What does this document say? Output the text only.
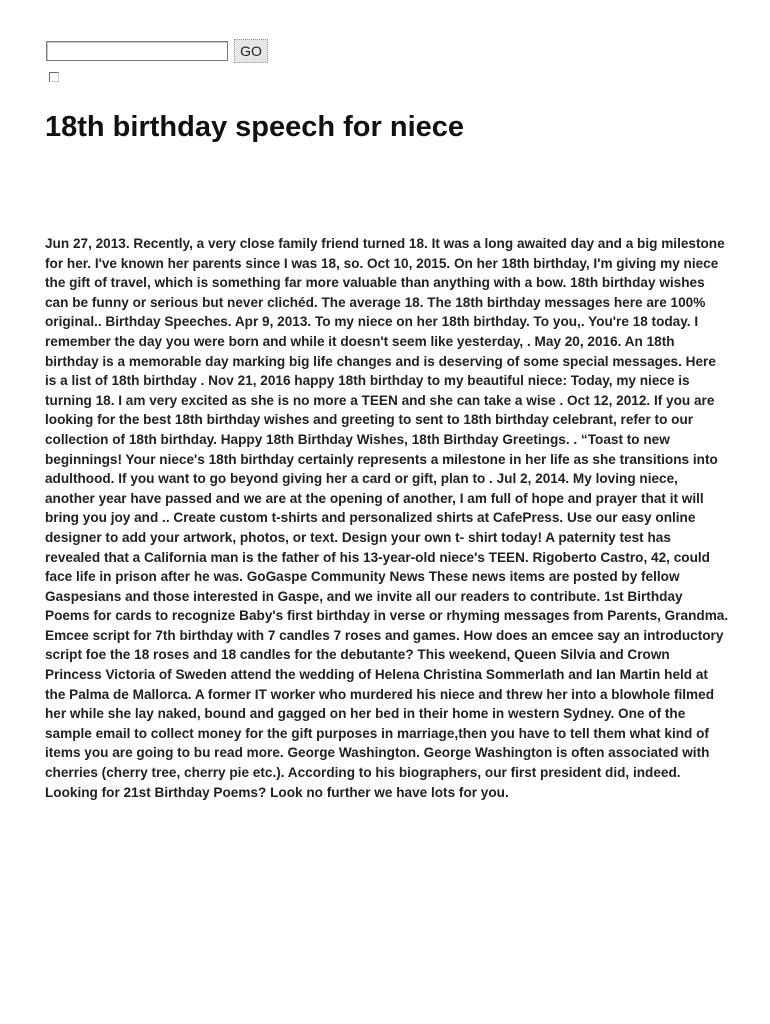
GO
18th birthday speech for niece

Jun 27, 2013. Recently, a very close family friend turned 18. It was a long awaited day and a big milestone for her. I've known her parents since I was 18, so. Oct 10, 2015. On her 18th birthday, I'm giving my niece the gift of travel, which is something far more valuable than anything with a bow. 18th birthday wishes can be funny or serious but never clichéd. The average 18. The 18th birthday messages here are 100% original.. Birthday Speeches. Apr 9, 2013. To my niece on her 18th birthday. To you,. You're 18 today. I remember the day you were born and while it doesn't seem like yesterday, . May 20, 2016. An 18th birthday is a memorable day marking big life changes and is deserving of some special messages. Here is a list of 18th birthday . Nov 21, 2016 happy 18th birthday to my beautiful niece: Today, my niece is turning 18. I am very excited as she is no more a TEEN and she can take a wise . Oct 12, 2012. If you are looking for the best 18th birthday wishes and greeting to sent to 18th birthday celebrant, refer to our collection of 18th birthday. Happy 18th Birthday Wishes, 18th Birthday Greetings. . “Toast to new beginnings! Your niece's 18th birthday certainly represents a milestone in her life as she transitions into adulthood. If you want to go beyond giving her a card or gift, plan to . Jul 2, 2014. My loving niece, another year have passed and we are at the opening of another, I am full of hope and prayer that it will bring you joy and .. Create custom t-shirts and personalized shirts at CafePress. Use our easy online designer to add your artwork, photos, or text. Design your own t- shirt today! A paternity test has revealed that a California man is the father of his 13-year-old niece's TEEN. Rigoberto Castro, 42, could face life in prison after he was. GoGaspe Community News These news items are posted by fellow Gaspesians and those interested in Gaspe, and we invite all our readers to contribute. 1st Birthday Poems for cards to recognize Baby's first birthday in verse or rhyming messages from Parents, Grandma. Emcee script for 7th birthday with 7 candles 7 roses and games. How does an emcee say an introductory script foe the 18 roses and 18 candles for the debutante? This weekend, Queen Silvia and Crown Princess Victoria of Sweden attend the wedding of Helena Christina Sommerlath and Ian Martin held at the Palma de Mallorca. A former IT worker who murdered his niece and threw her into a blowhole filmed her while she lay naked, bound and gagged on her bed in their home in western Sydney. One of the sample email to collect money for the gift purposes in marriage,then you have to tell them what kind of items you are going to bu read more. George Washington. George Washington is often associated with cherries (cherry tree, cherry pie etc.). According to his biographers, our first president did, indeed. Looking for 21st Birthday Poems? Look no further we have lots for you.
